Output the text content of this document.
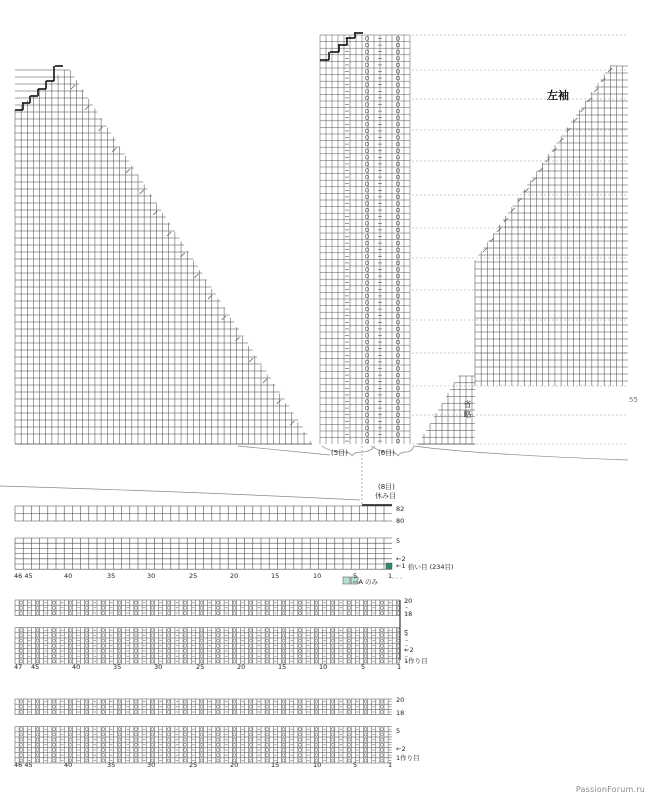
左袖
省
略
55
(5目)	(6目)
(8目)
休み目
82
80
5
←2
←1 拾い目 (234目)
＝A のみ
20
18
5
←2
1作り目
20
18
5
←2
1作り目
46 45	40	35	30	25	20	15	10	5	1
47 45	40	35	30	25	20	15	10	5	1
46 45	40	35	30	25	20	15	10	5	1
PassionForum.ru
